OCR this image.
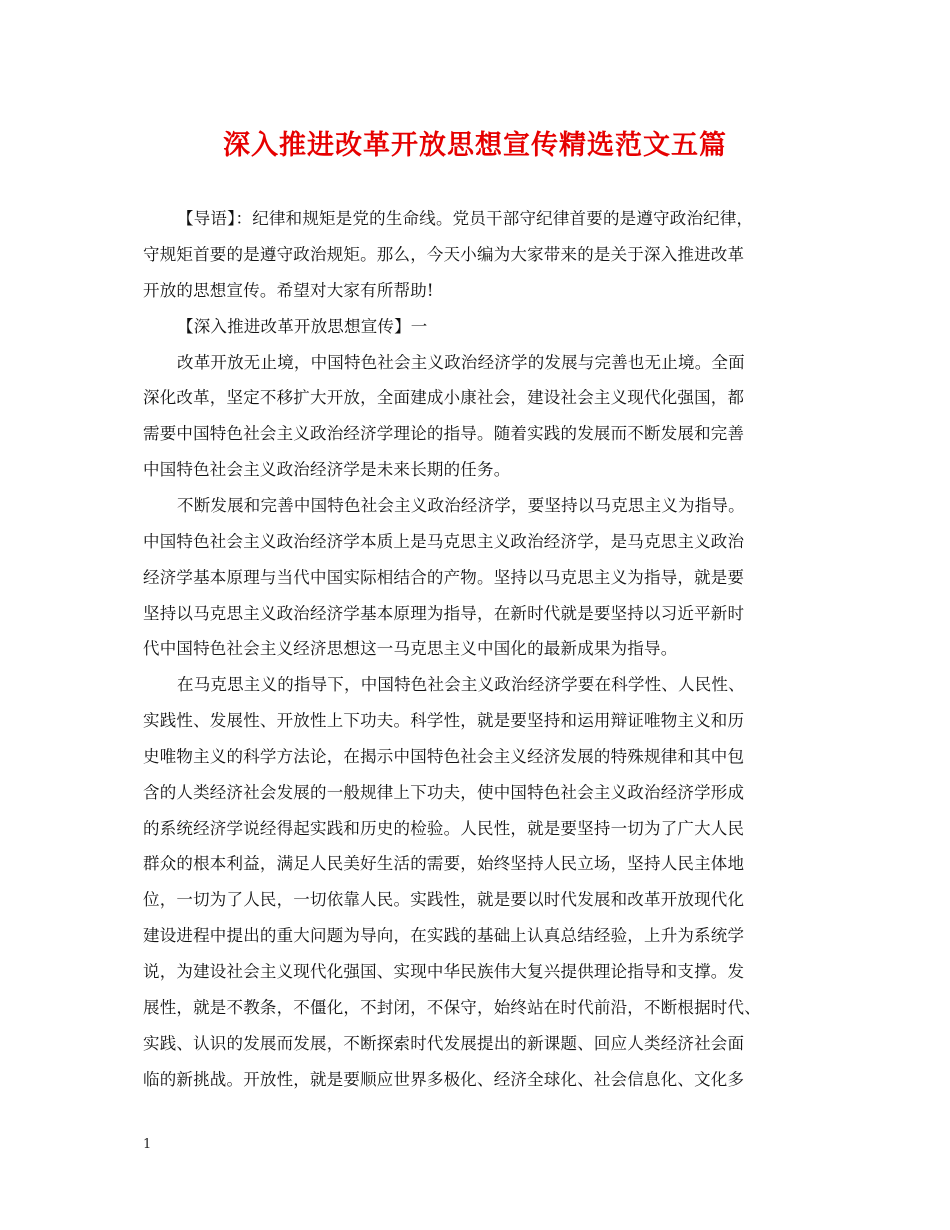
深入推进改革开放思想宣传精选范文五篇
【导语】：纪律和规矩是党的生命线。党员干部守纪律首要的是遵守政治纪律，
守规矩首要的是遵守政治规矩。那么，今天小编为大家带来的是关于深入推进改革
开放的思想宣传。希望对大家有所帮助!
【深入推进改革开放思想宣传】一
改革开放无止境，中国特色社会主义政治经济学的发展与完善也无止境。全面
深化改革，坚定不移扩大开放，全面建成小康社会，建设社会主义现代化强国，都
需要中国特色社会主义政治经济学理论的指导。随着实践的发展而不断发展和完善
中国特色社会主义政治经济学是未来长期的任务。
不断发展和完善中国特色社会主义政治经济学，要坚持以马克思主义为指导。
中国特色社会主义政治经济学本质上是马克思主义政治经济学，是马克思主义政治
经济学基本原理与当代中国实际相结合的产物。坚持以马克思主义为指导，就是要
坚持以马克思主义政治经济学基本原理为指导，在新时代就是要坚持以习近平新时
代中国特色社会主义经济思想这一马克思主义中国化的最新成果为指导。
在马克思主义的指导下，中国特色社会主义政治经济学要在科学性、人民性、
实践性、发展性、开放性上下功夫。科学性，就是要坚持和运用辩证唯物主义和历
史唯物主义的科学方法论，在揭示中国特色社会主义经济发展的特殊规律和其中包
含的人类经济社会发展的一般规律上下功夫，使中国特色社会主义政治经济学形成
的系统经济学说经得起实践和历史的检验。人民性，就是要坚持一切为了广大人民
群众的根本利益，满足人民美好生活的需要，始终坚持人民立场，坚持人民主体地
位，一切为了人民，一切依靠人民。实践性，就是要以时代发展和改革开放现代化
建设进程中提出的重大问题为导向，在实践的基础上认真总结经验，上升为系统学
说，为建设社会主义现代化强国、实现中华民族伟大复兴提供理论指导和支撑。发
展性，就是不教条，不僵化，不封闭，不保守，始终站在时代前沿，不断根据时代、
实践、认识的发展而发展，不断探索时代发展提出的新课题、回应人类经济社会面
临的新挑战。开放性，就是要顺应世界多极化、经济全球化、社会信息化、文化多
1
